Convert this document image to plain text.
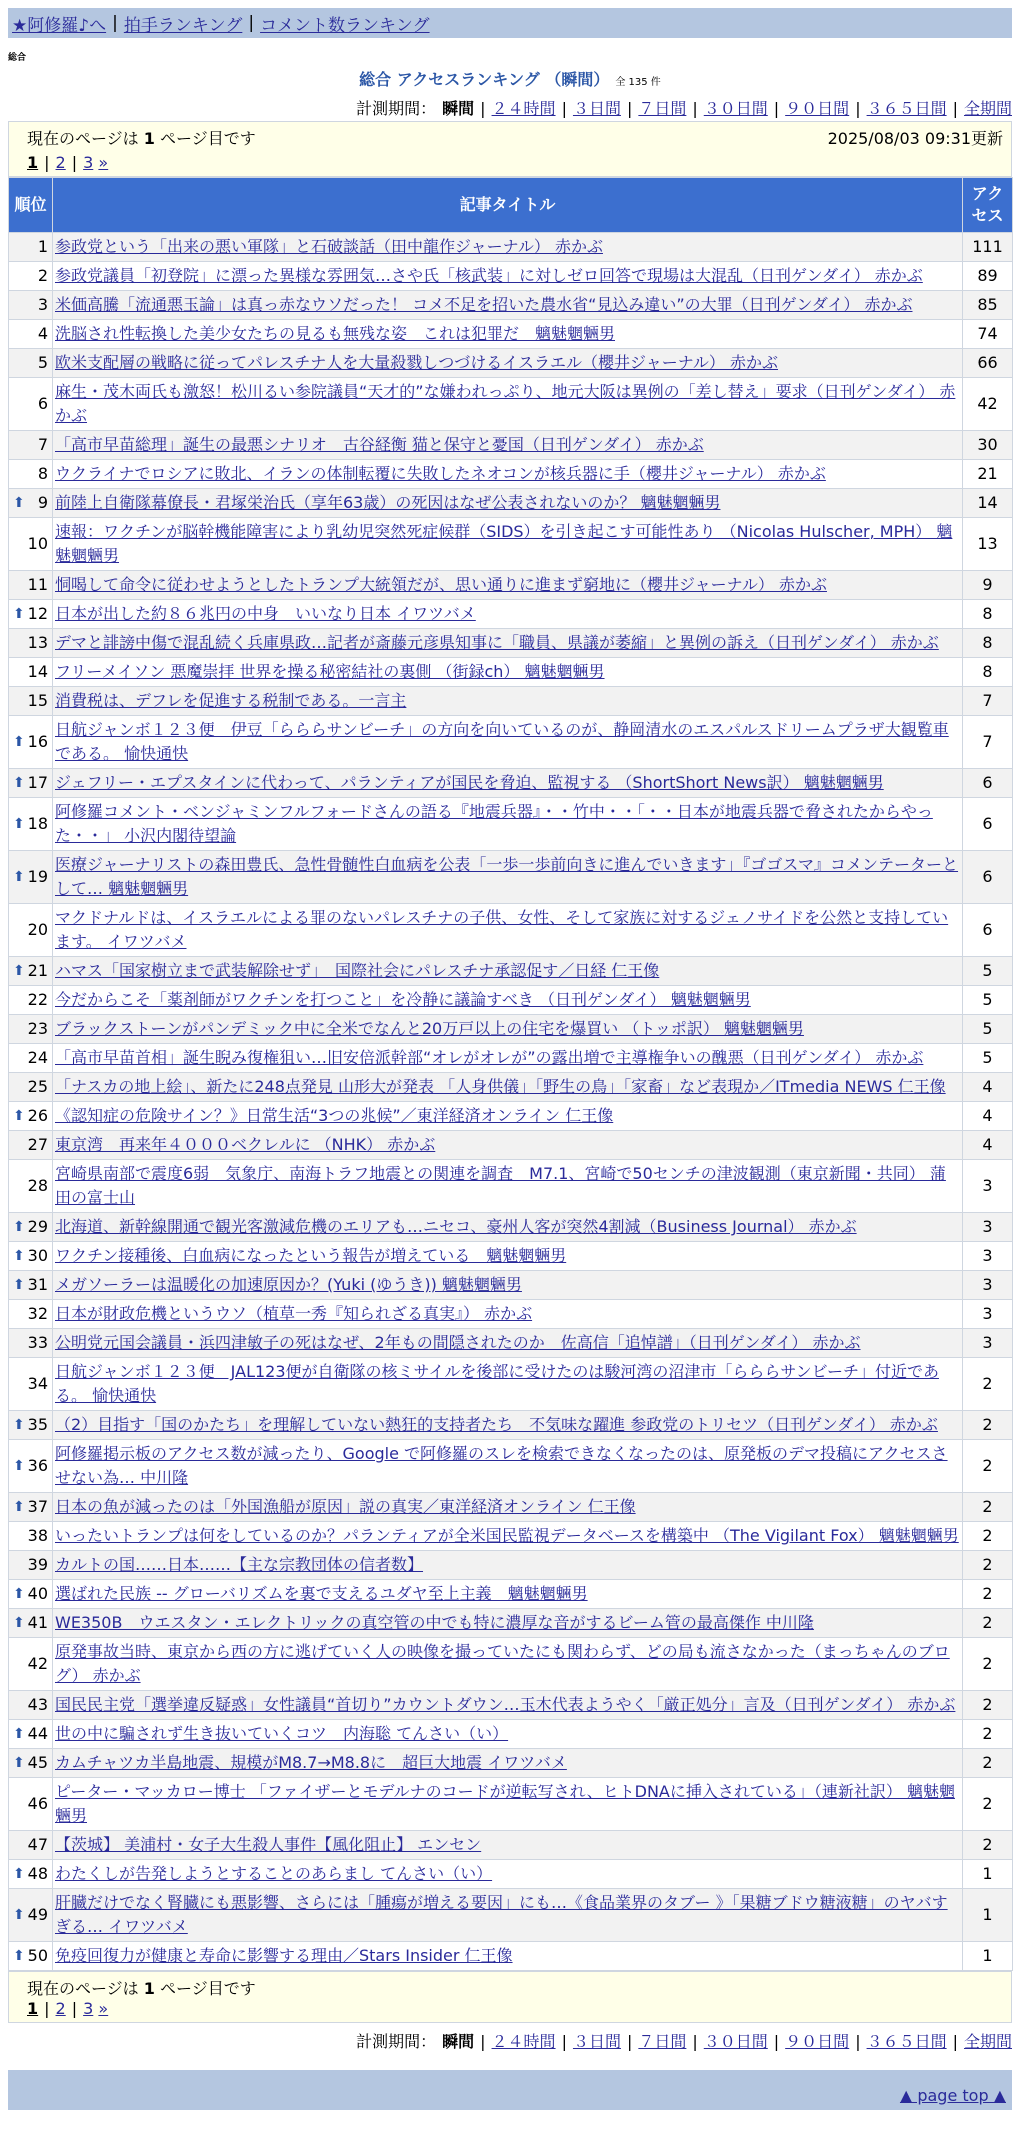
★阿修羅♪へ | 拍手ランキング | コメント数ランキング
総合
総合 アクセスランキング （瞬間） 全 135 件
計測期間： 瞬間 | ２４時間 | ３日間 | ７日間 | ３０日間 | ９０日間 | ３６５日間 | 全期間
現在のページは 1 ページ目です	2025/08/03 09:31更新
1 | 2 | 3 »
順位	記事タイトル	アクセス
1	参政党という「出来の悪い軍隊」と石破談話（田中龍作ジャーナル） 赤かぶ	111
2	参政党議員「初登院」に漂った異様な雰囲気…さや氏「核武装」に対しゼロ回答で現場は大混乱（日刊ゲンダイ） 赤かぶ	89
3	米価高騰「流通悪玉論」は真っ赤なウソだった！ コメ不足を招いた農水省“見込み違い”の大罪（日刊ゲンダイ） 赤かぶ	85
4	洗脳され性転換した美少女たちの見るも無残な姿　これは犯罪だ　魑魅魍魎男	74
5	欧米支配層の戦略に従ってパレスチナ人を大量殺戮しつづけるイスラエル（櫻井ジャーナル） 赤かぶ	66
6	麻生・茂木両氏も激怒！松川るい参院議員“天才的”な嫌われっぷり、地元大阪は異例の「差し替え」要求（日刊ゲンダイ） 赤かぶ	42
7	「高市早苗総理」誕生の最悪シナリオ　古谷経衡 猫と保守と憂国（日刊ゲンダイ） 赤かぶ	30
8	ウクライナでロシアに敗北、イランの体制転覆に失敗したネオコンが核兵器に手（櫻井ジャーナル） 赤かぶ	21

⬆ 9	前陸上自衛隊幕僚長・君塚栄治氏（享年63歳）の死因はなぜ公表されないのか？ 魑魅魍魎男	14
10	速報：ワクチンが脳幹機能障害により乳幼児突然死症候群（SIDS）を引き起こす可能性あり （Nicolas Hulscher, MPH） 魑魅魍魎男	13
11	恫喝して命令に従わせようとしたトランプ大統領だが、思い通りに進まず窮地に（櫻井ジャーナル） 赤かぶ	9

⬆ 12	日本が出した約８６兆円の中身　いいなり日本 イワツバメ	8
13	デマと誹謗中傷で混乱続く兵庫県政…記者が斎藤元彦県知事に「職員、県議が萎縮」と異例の訴え（日刊ゲンダイ） 赤かぶ	8
14	フリーメイソン 悪魔崇拝 世界を操る秘密結社の裏側 （街録ch） 魑魅魍魎男	8
15	消費税は、デフレを促進する税制である。一言主	7

⬆ 16	日航ジャンボ１２３便　伊豆「らららサンビーチ」の方向を向いているのが、静岡清水のエスパルスドリームプラザ大観覧車である。 愉快通快	7

⬆ 17	ジェフリー・エプスタインに代わって、パランティアが国民を脅迫、監視する （ShortShort News訳） 魑魅魍魎男	6

⬆ 18	阿修羅コメント・ベンジャミンフルフォードさんの語る『地震兵器』・・竹中・・「・・日本が地震兵器で脅されたからやった・・」 小沢内閣待望論	6

⬆ 19	医療ジャーナリストの森田豊氏、急性骨髄性白血病を公表「一歩一歩前向きに進んでいきます」『ゴゴスマ』コメンテーターとして… 魑魅魍魎男	6
20	マクドナルドは、イスラエルによる罪のないパレスチナの子供、女性、そして家族に対するジェノサイドを公然と支持しています。 イワツバメ	6

⬆ 21	ハマス「国家樹立まで武装解除せず」　国際社会にパレスチナ承認促す／日経 仁王像	5
22	今だからこそ「薬剤師がワクチンを打つこと」を冷静に議論すべき （日刊ゲンダイ） 魑魅魍魎男	5
23	ブラックストーンがパンデミック中に全米でなんと20万戸以上の住宅を爆買い （トッポ訳） 魑魅魍魎男	5
24	「高市早苗首相」誕生睨み復権狙い…旧安倍派幹部“オレがオレが”の露出増で主導権争いの醜悪（日刊ゲンダイ） 赤かぶ	5
25	「ナスカの地上絵」、新たに248点発見 山形大が発表 「人身供儀」「野生の鳥」「家畜」など表現か／ITmedia NEWS 仁王像	4

⬆ 26	《認知症の危険サイン？》日常生活“3つの兆候”／東洋経済オンライン 仁王像	4
27	東京湾　再来年４０００ベクレルに （NHK） 赤かぶ	4
28	宮崎県南部で震度6弱　気象庁、南海トラフ地震との関連を調査　M7.1、宮崎で50センチの津波観測（東京新聞・共同） 蒲田の富士山	3

⬆ 29	北海道、新幹線開通で観光客激減危機のエリアも…ニセコ、豪州人客が突然4割減（Business Journal） 赤かぶ	3

⬆ 30	ワクチン接種後、白血病になったという報告が増えている　魑魅魍魎男	3

⬆ 31	メガソーラーは温暖化の加速原因か？(Yuki (ゆうき)) 魑魅魍魎男	3
32	日本が財政危機というウソ（植草一秀『知られざる真実』） 赤かぶ	3
33	公明党元国会議員・浜四津敏子の死はなぜ、2年もの間隠されたのか　佐高信「追悼譜」（日刊ゲンダイ） 赤かぶ	3
34	日航ジャンボ１２３便　JAL123便が自衛隊の核ミサイルを後部に受けたのは駿河湾の沼津市「らららサンビーチ」付近である。 愉快通快	2

⬆ 35	（2）目指す「国のかたち」を理解していない熱狂的支持者たち　不気味な躍進 参政党のトリセツ（日刊ゲンダイ） 赤かぶ	2

⬆ 36	阿修羅掲示板のアクセス数が減ったり、Google で阿修羅のスレを検索できなくなったのは、原発板のデマ投稿にアクセスさせない為… 中川隆	2

⬆ 37	日本の魚が減ったのは「外国漁船が原因」説の真実／東洋経済オンライン 仁王像	2
38	いったいトランプは何をしているのか？パランティアが全米国民監視データベースを構築中 （The Vigilant Fox） 魑魅魍魎男	2
39	カルトの国……日本……【主な宗教団体の信者数】	2

⬆ 40	選ばれた民族 -- グローバリズムを裏で支えるユダヤ至上主義　魑魅魍魎男	2

⬆ 41	WE350B　ウエスタン・エレクトリックの真空管の中でも特に濃厚な音がするビーム管の最高傑作 中川隆	2
42	原発事故当時、東京から西の方に逃げていく人の映像を撮っていたにも関わらず、どの局も流さなかった（まっちゃんのブログ） 赤かぶ	2
43	国民民主党「選挙違反疑惑」女性議員“首切り”カウントダウン…玉木代表ようやく「厳正処分」言及（日刊ゲンダイ） 赤かぶ	2

⬆ 44	世の中に騙されず生き抜いていくコツ　内海聡 てんさい（い）	2

⬆ 45	カムチャツカ半島地震、規模がM8.7→M8.8に　超巨大地震 イワツバメ	2
46	ピーター・マッカロー博士 「ファイザーとモデルナのコードが逆転写され、ヒトDNAに挿入されている」（連新社訳） 魑魅魍魎男	2
47	【茨城】 美浦村・女子大生殺人事件【風化阻止】 エンセン	2

⬆ 48	わたくしが告発しようとすることのあらまし てんさい（い）	1

⬆ 49	肝臓だけでなく腎臓にも悪影響、さらには「腫瘍が増える要因」にも…《食品業界のタブー 》「果糖ブドウ糖液糖」のヤバすぎる… イワツバメ	1

⬆ 50	免疫回復力が健康と寿命に影響する理由／Stars Insider 仁王像	1
現在のページは 1 ページ目です
1 | 2 | 3 »
計測期間： 瞬間 | ２４時間 | ３日間 | ７日間 | ３０日間 | ９０日間 | ３６５日間 | 全期間
▲ page top ▲
